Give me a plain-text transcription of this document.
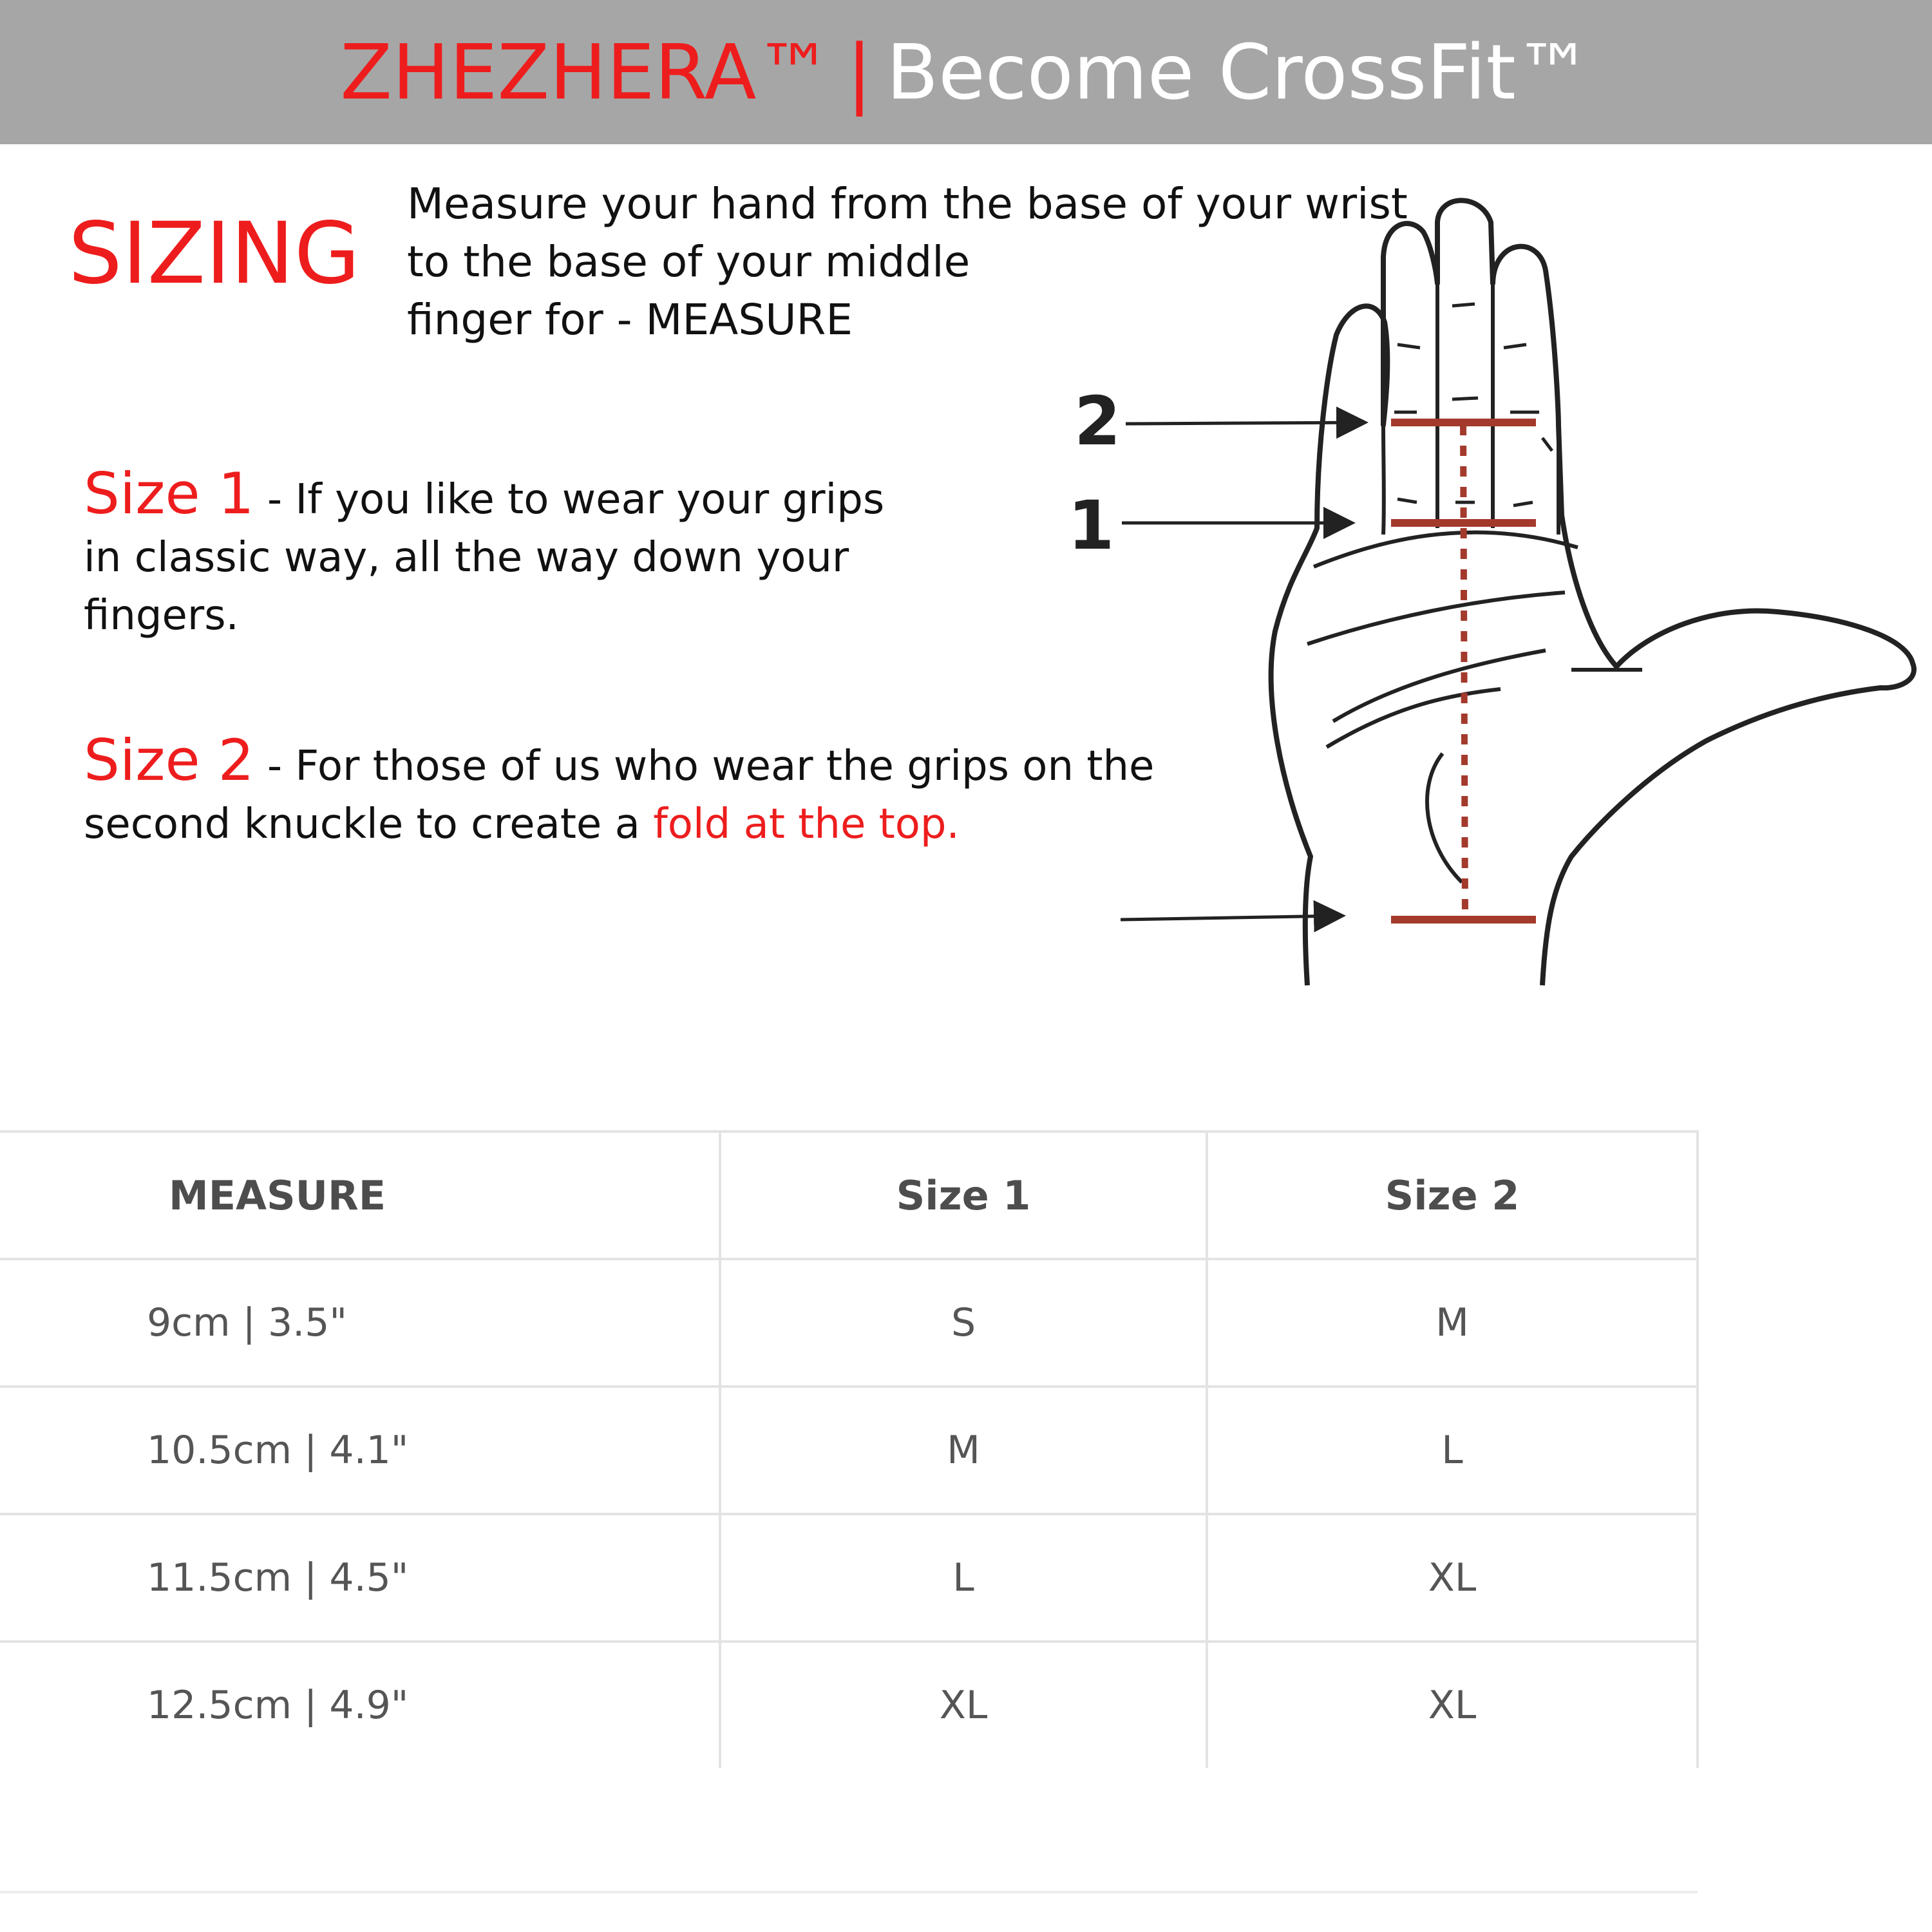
ZHEZHERA™ | Become CrossFit™
SIZING
Measure your hand from the base of your wrist
to the base of your middle
finger for - MEASURE
Size 1 - If you like to wear your grips
in classic way, all the way down your
fingers.
Size 2 - For those of us who wear the grips on the
second knuckle to create a fold at the top.
2
1
MEASURE	Size 1	Size 2
9cm | 3.5"	S	M
10.5cm | 4.1"	M	L
11.5cm | 4.5"	L	XL
12.5cm | 4.9"	XL	XL
